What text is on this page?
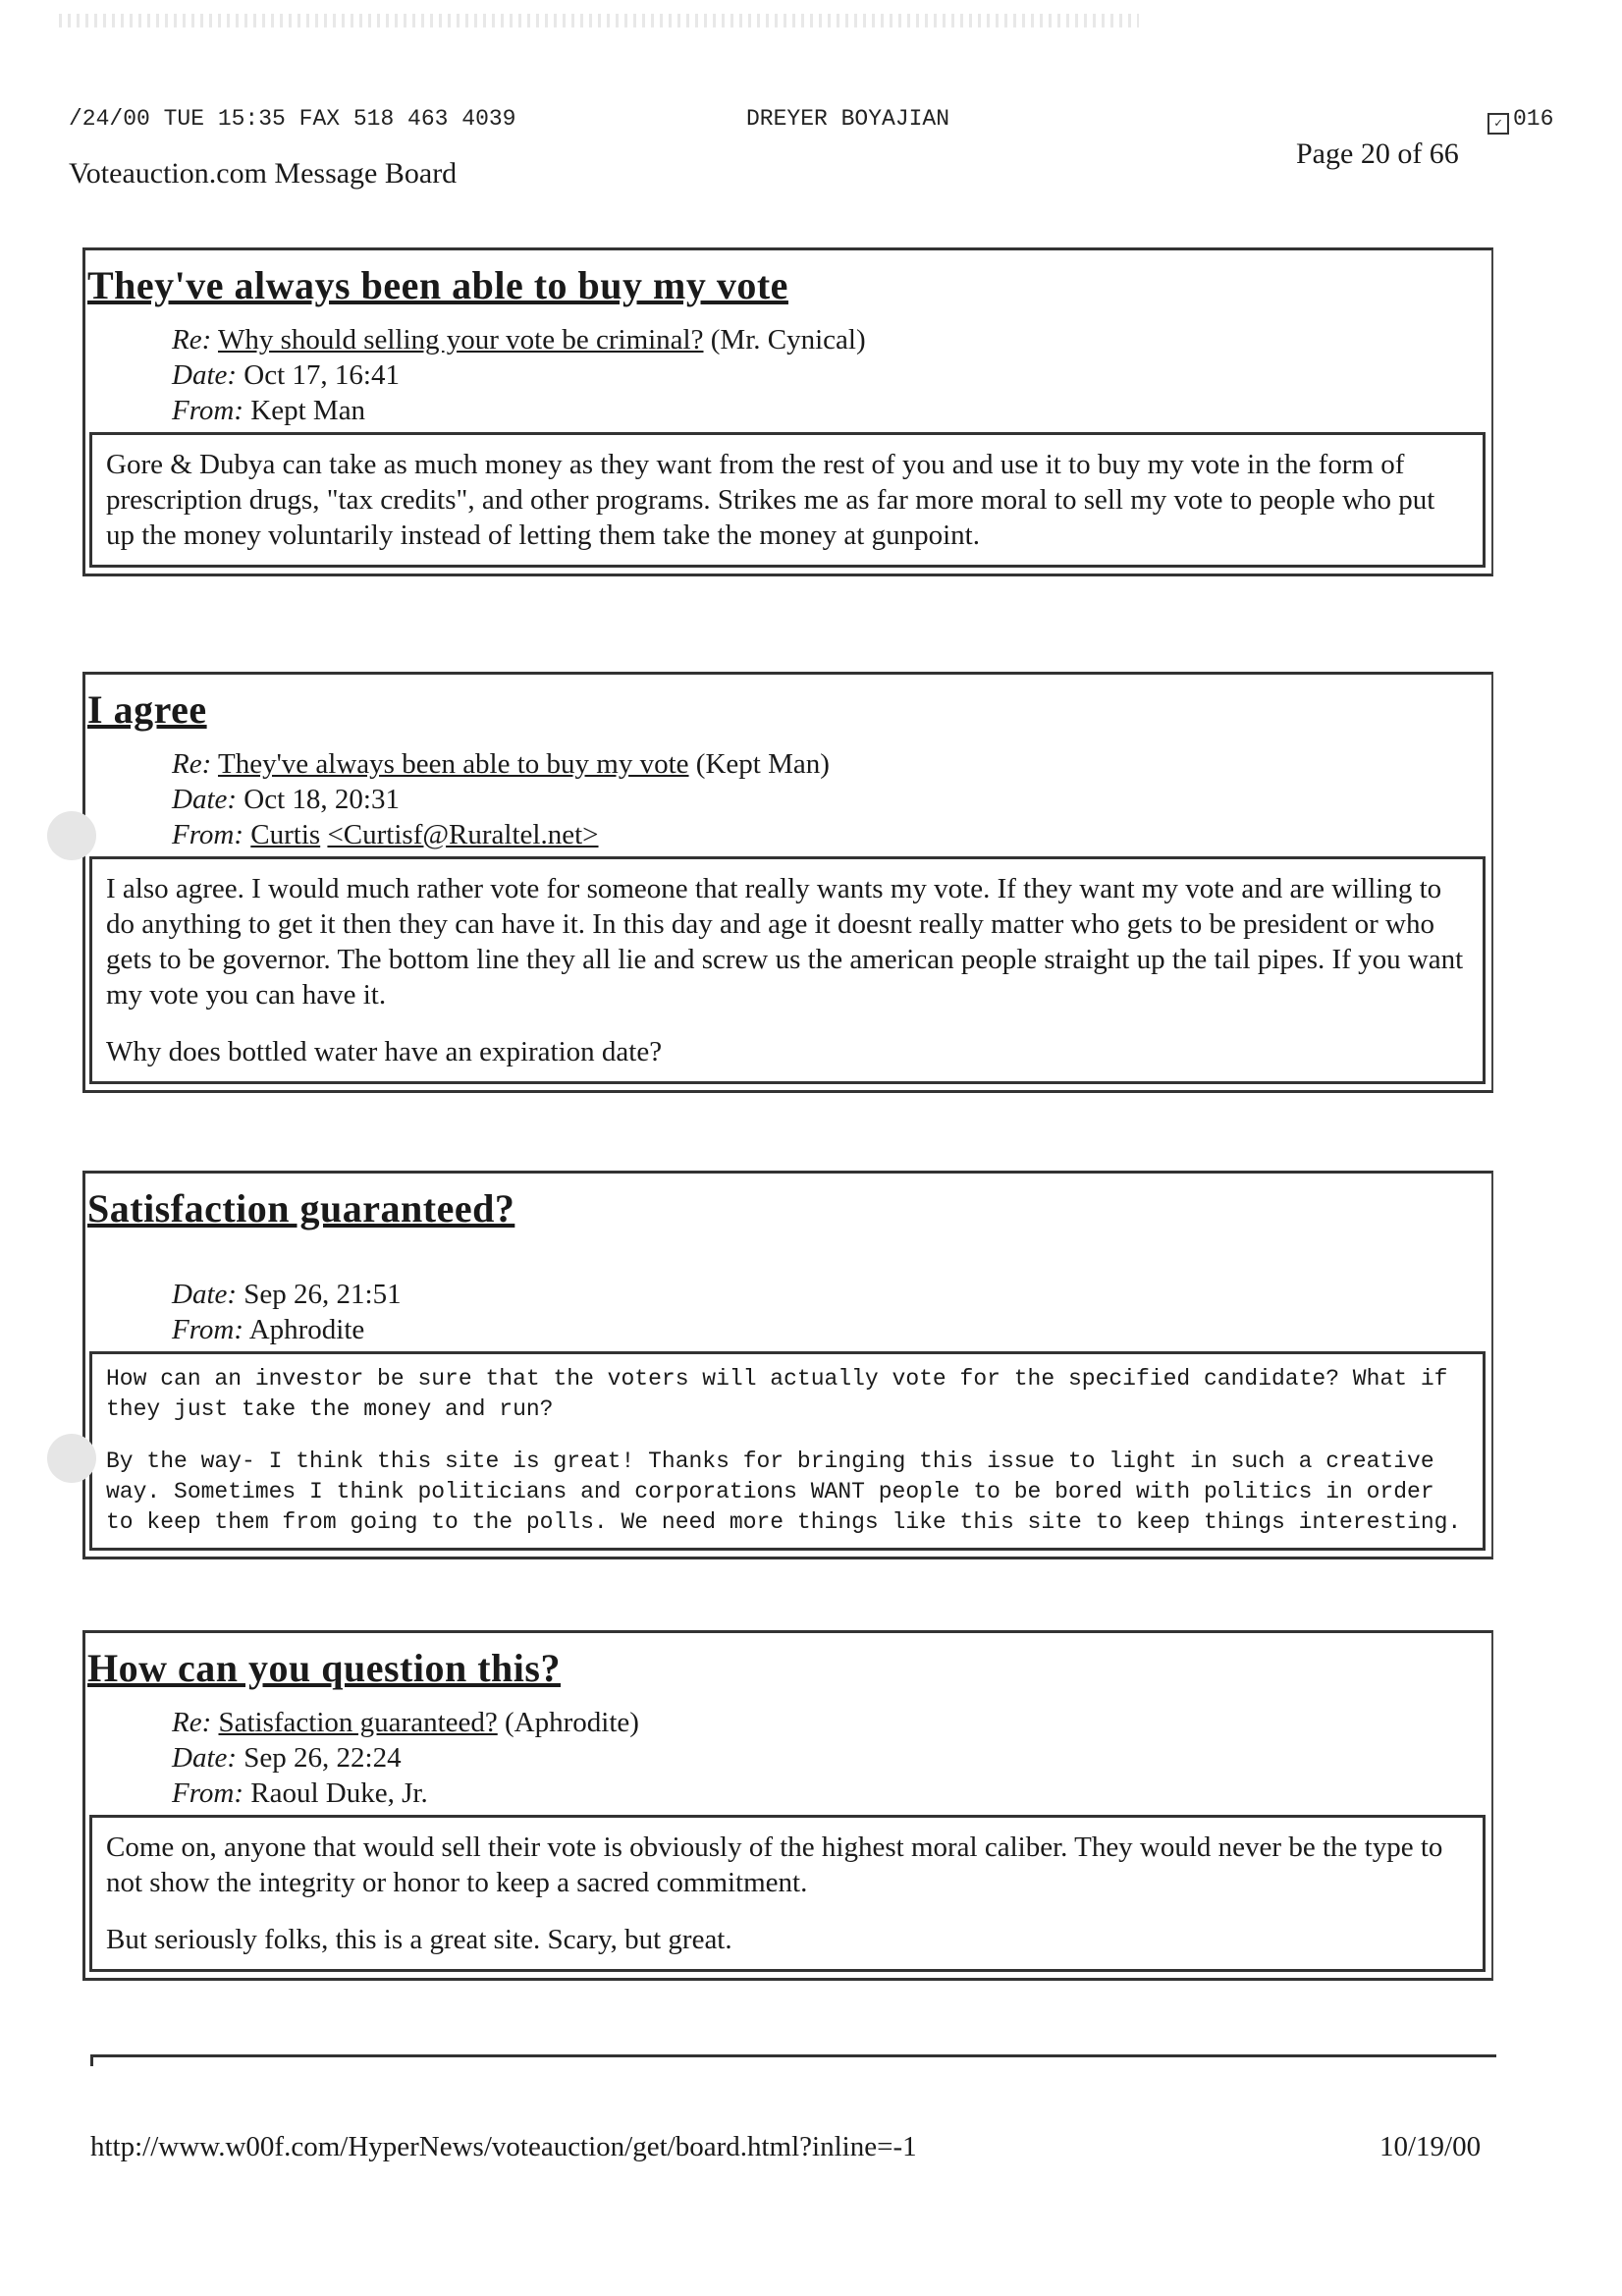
/24/00 TUE 15:35 FAX 518 463 4039	DREYER BOYAJIAN	✓ 016
Voteauction.com Message Board
Page 20 of 66
They've always been able to buy my vote
Re: Why should selling your vote be criminal? (Mr. Cynical)
Date: Oct 17, 16:41
From: Kept Man

Gore & Dubya can take as much money as they want from the rest of you and use it to buy my vote in the form of prescription drugs, "tax credits", and other programs. Strikes me as far more moral to sell my vote to people who put up the money voluntarily instead of letting them take the money at gunpoint.

I agree
Re: They've always been able to buy my vote (Kept Man)
Date: Oct 18, 20:31
From: Curtis <Curtisf@Ruraltel.net>

I also agree. I would much rather vote for someone that really wants my vote. If they want my vote and are willing to do anything to get it then they can have it. In this day and age it doesnt really matter who gets to be president or who gets to be governor. The bottom line they all lie and screw us the american people straight up the tail pipes. If you want my vote you can have it.

Why does bottled water have an expiration date?

Satisfaction guaranteed?
Date: Sep 26, 21:51
From: Aphrodite

How can an investor be sure that the voters will actually vote for the specified candidate? What if they just take the money and run?

By the way- I think this site is great! Thanks for bringing this issue to light in such a creative way. Sometimes I think politicians and corporations WANT people to be bored with politics in order to keep them from going to the polls. We need more things like this site to keep things interesting.

How can you question this?
Re: Satisfaction guaranteed? (Aphrodite)
Date: Sep 26, 22:24
From: Raoul Duke, Jr.

Come on, anyone that would sell their vote is obviously of the highest moral caliber. They would never be the type to not show the integrity or honor to keep a sacred commitment.

But seriously folks, this is a great site. Scary, but great.

http://www.w00f.com/HyperNews/voteauction/get/board.html?inline=-1	10/19/00
